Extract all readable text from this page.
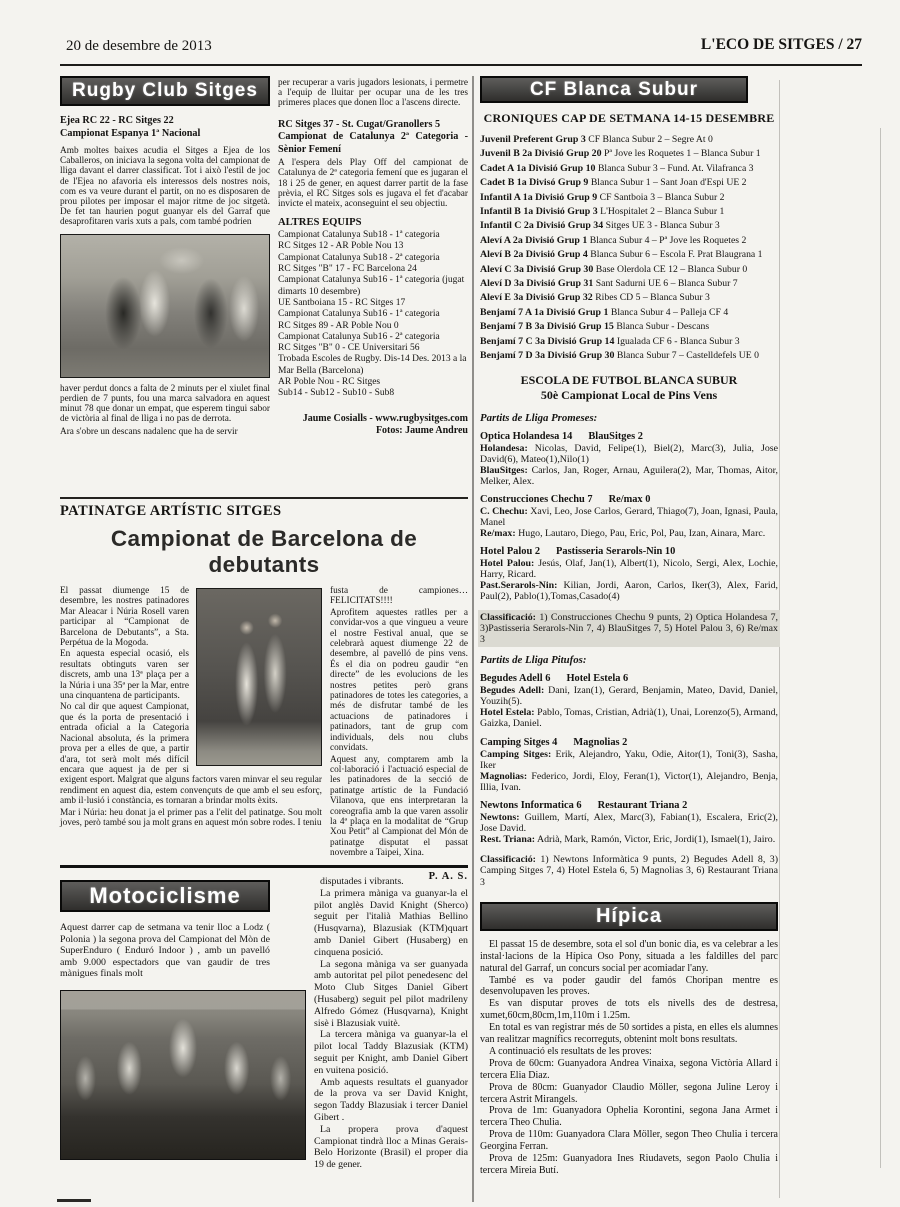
20 de desembre de 2013	L'ECO DE SITGES / 27
Rugby Club Sitges
Ejea RC 22 - RC Sitges 22
Campionat Espanya 1ª Nacional

Amb moltes baixes acudia el Sitges a Ejea de los Caballeros, on iniciava la segona volta del campionat de lliga davant el darrer classificat. Tot i això l'estil de joc de l'Ejea no afavoria els interessos dels nostres nois, com es va veure durant el partit, on no es disposaren de prou pilotes per imposar el major ritme de joc sitgetà. De fet tan haurien pogut guanyar els del Garraf que desaprofitaren varis xuts a pals, com també podrien

haver perdut doncs a falta de 2 minuts per el xiulet final perdien de 7 punts, fou una marca salvadora en aquest minut 78 que donar un empat, que esperem tingui sabor de victòria al final de lliga i no pas de derrota.

Ara s'obre un descans nadalenc que ha de servir

per recuperar a varis jugadors lesionats, i permetre a l'equip de lluitar per ocupar una de les tres primeres places que donen lloc a l'ascens directe.

RC Sitges 37 - St. Cugat/Granollers 5
Campionat de Catalunya 2ª Categoria - Sènior Femení

A l'espera dels Play Off del campionat de Catalunya de 2ª categoria femení que es jugaran el 18 i 25 de gener, en aquest darrer partit de la fase prèvia, el RC Sitges sols es jugava el fet d'acabar invicte el mateix, aconseguint el seu objectiu.

ALTRES EQUIPS
Campionat Catalunya Sub18 - 1ª categoria
RC Sitges 12 - AR Poble Nou 13
Campionat Catalunya Sub18 - 2ª categoria
RC Sitges "B" 17 - FC Barcelona 24
Campionat Catalunya Sub16 - 1ª categoria (jugat dimarts 10 desembre)
UE Santboiana 15 - RC Sitges 17
Campionat Catalunya Sub16 - 1ª categoria
RC Sitges 89 - AR Poble Nou 0
Campionat Catalunya Sub16 - 2ª categoria
RC Sitges "B" 0 - CE Universitari 56
Trobada Escoles de Rugby. Dis-14 Des. 2013 a la Mar Bella (Barcelona)
AR Poble Nou - RC Sitges
Sub14 - Sub12 - Sub10 - Sub8
Jaume Cosialls - www.rugbysitges.com
Fotos: Jaume Andreu
PATINATGE ARTÍSTIC SITGES
Campionat de Barcelona de debutants

El passat diumenge 15 de desembre, les nostres patinadores Mar Aleacar i Núria Rosell varen participar al “Campionat de Barcelona de Debutants”, a Sta. Perpétua de la Mogoda.

En aquesta especial ocasió, els resultats obtinguts varen ser discrets, amb una 13ª plaça per a la Núria i una 35ª per la Mar, entre una cinquantena de participants.

No cal dir que aquest Campionat, que és la porta de presentació i entrada oficial a la Categoria Nacional absoluta, és la primera prova per a elles de que, a partir d'ara, tot serà molt més difícil encara que aquest ja de per si exigent esport. Malgrat que alguns factors varen minvar el seu regular rendiment en aquest dia, estem convençuts de que amb el seu esforç, amb il·lusió i constància, es tornaran a brindar molts èxits.

Mar i Núria: heu donat ja el primer pas a l'elit del patinatge. Sou molt joves, però també sou ja molt grans en aquest món sobre rodes. I teniu

fusta de campiones… FELICITATS!!!!

Aprofitem aquestes ratlles per a convidar-vos a que vingueu a veure el nostre Festival anual, que se celebrarà aquest diumenge 22 de desembre, al pavelló de pins vens. És el dia on podreu gaudir “en directe” de les evolucions de les nostres petites però grans patinadores de totes les categories, a més de disfrutar també de les actuacions de patinadores i patinadors, tant de grup com individuals, dels nou clubs convidats.

Aquest any, comptarem amb la col·laboració i l'actuació especial de les patinadores de la secció de patinatge artístic de la Fundació Vilanova, que ens interpretaran la coreografia amb la que varen assolir la 4ª plaça en la modalitat de “Grup Xou Petit” al Campionat del Món de patinatge disputat el passat novembre a Taipei, Xina.

P. A. S.
Motociclisme

Aquest darrer cap de setmana va tenir lloc a Lodz ( Polonia ) la segona prova del Campionat del Mòn de SuperEnduro ( Enduró Indoor ) , amb un pavelló amb 9.000 espectadors que van gaudir de tres mànigues finals molt

disputades i vibrants.

La primera màniga va guanyar-la el pilot anglès David Knight (Sherco) seguit per l'italià Mathias Bellino (Husqvarna), Blazusiak (KTM)quart amb Daniel Gibert (Husaberg) en cinquena posició.

La segona màniga va ser guanyada amb autoritat pel pilot penedesenc del Moto Club Sitges Daniel Gibert (Husaberg) seguit pel pilot madrileny Alfredo Gómez (Husqvarna), Knight sisè i Blazusiak vuitè.

La tercera màniga va guanyar-la el pilot local Taddy Blazusiak (KTM) seguit per Knight, amb Daniel Gibert en vuitena posició.

Amb aquests resultats el guanyador de la prova va ser David Knight, segon Taddy Blazusiak i tercer Daniel Gibert .

La propera prova d'aquest Campionat tindrà lloc a Minas Gerais-Belo Horizonte (Brasil) el proper dia 19 de gener.

CF Blanca Subur
CRONIQUES CAP DE SETMANA 14-15 DESEMBRE
Juvenil Preferent Grup 3 CF Blanca Subur 2 – Segre At 0
Juvenil B 2a Divisió Grup 20 Pª Jove les Roquetes 1 – Blanca Subur 1
Cadet A 1a Divisió Grup 10 Blanca Subur 3 – Fund. At. Vilafranca 3
Cadet B 1a Divisó Grup 9 Blanca Subur 1 – Sant Joan d'Espi UE 2
Infantil A 1a Divisió Grup 9 CF Santboia 3 – Blanca Subur 2
Infantil B 1a Divisió Grup 3 L'Hospitalet 2 – Blanca Subur 1
Infantil C 2a Divisió Grup 34 Sitges UE 3 - Blanca Subur 3
Aleví A 2a Divisió Grup 1 Blanca Subur 4 – Pª Jove les Roquetes 2
Aleví B 2a Divisió Grup 4 Blanca Subur 6 – Escola F. Prat Blaugrana 1
Aleví C 3a Divisió Grup 30 Base Olerdola CE 12 – Blanca Subur 0
Aleví D 3a Divisió Grup 31 Sant Sadurni UE 6 – Blanca Subur 7
Aleví E 3a Divisió Grup 32 Ribes CD 5 – Blanca Subur 3
Benjamí 7 A 1a Divisió Grup 1 Blanca Subur 4 – Palleja CF 4
Benjamí 7 B 3a Divisió Grup 15 Blanca Subur - Descans
Benjamí 7 C 3a Divisió Grup 14 Igualada CF 6 - Blanca Subur 3
Benjamí 7 D 3a Divisió Grup 30 Blanca Subur 7 – Castelldefels UE 0
ESCOLA DE FUTBOL BLANCA SUBUR
50è Campionat Local de Pins Vens
Partits de Lliga Promeses:
Optica Holandesa 14 BlauSitges 2

Holandesa: Nicolas, David, Felipe(1), Biel(2), Marc(3), Julia, Jose David(6), Mateo(1),Nilo(1)

BlauSitges: Carlos, Jan, Roger, Arnau, Aguilera(2), Mar, Thomas, Aitor, Melker, Alex.

Construcciones Chechu 7 Re/max 0

C. Chechu: Xavi, Leo, Jose Carlos, Gerard, Thiago(7), Joan, Ignasi, Paula, Manel

Re/max: Hugo, Lautaro, Diego, Pau, Eric, Pol, Pau, Izan, Ainara, Marc.

Hotel Palou 2 Pastisseria Serarols-Nin 10

Hotel Palou: Jesús, Olaf, Jan(1), Albert(1), Nicolo, Sergi, Alex, Lochie, Harry, Ricard.

Past.Serarols-Nin: Kilian, Jordi, Aaron, Carlos, Iker(3), Alex, Farid, Paul(2), Pablo(1),Tomas,Casado(4)

Classificació: 1) Construcciones Chechu 9 punts, 2) Optica Holandesa 7, 3)Pastisseria Serarols-Nin 7, 4) BlauSitges 7, 5) Hotel Palou 3, 6) Re/max 3

Partits de Lliga Pitufos:
Begudes Adell 6 Hotel Estela 6

Begudes Adell: Dani, Izan(1), Gerard, Benjamin, Mateo, David, Daniel, Youzih(5).

Hotel Estela: Pablo, Tomas, Cristian, Adrià(1), Unai, Lorenzo(5), Armand, Gaizka, Daniel.

Camping Sitges 4 Magnolias 2

Camping Sitges: Erik, Alejandro, Yaku, Odie, Aitor(1), Toni(3), Sasha, Iker

Magnolias: Federico, Jordi, Eloy, Feran(1), Victor(1), Alejandro, Benja, Illia, Ivan.

Newtons Informatica 6 Restaurant Triana 2

Newtons: Guillem, Martí, Alex, Marc(3), Fabian(1), Escalera, Eric(2), Jose David.

Rest. Triana: Adrià, Mark, Ramón, Victor, Eric, Jordi(1), Ismael(1), Jairo.

Classificació: 1) Newtons Informàtica 9 punts, 2) Begudes Adell 8, 3) Camping Sitges 7, 4) Hotel Estela 6, 5) Magnolias 3, 6) Restaurant Triana 3

Hípica

El passat 15 de desembre, sota el sol d'un bonic dia, es va celebrar a les instal·lacions de la Hípica Oso Pony, situada a les faldilles del parc natural del Garraf, un concurs social per acomiadar l'any.

També es va poder gaudir del famós Choripan mentre es desenvolupaven les proves.

Es van disputar proves de tots els nivells des de destresa, xumet,60cm,80cm,1m,110m i 1.25m.

En total es van registrar més de 50 sortides a pista, en elles els alumnes van realitzar magnífics recorreguts, obtenint molt bons resultats.

A continuació els resultats de les proves:

Prova de 60cm: Guanyadora Andrea Vinaixa, segona Victòria Allard i tercera Elia Diaz.

Prova de 80cm: Guanyador Claudio Möller, segona Juline Leroy i tercera Astrit Mirangels.

Prova de 1m: Guanyadora Ophelia Korontini, segona Jana Armet i tercera Theo Chulia.

Prova de 110m: Guanyadora Clara Möller, segon Theo Chulia i tercera Georgina Ferran.

Prova de 125m: Guanyadora Ines Riudavets, segon Paolo Chulia i tercera Mireia Butí.
